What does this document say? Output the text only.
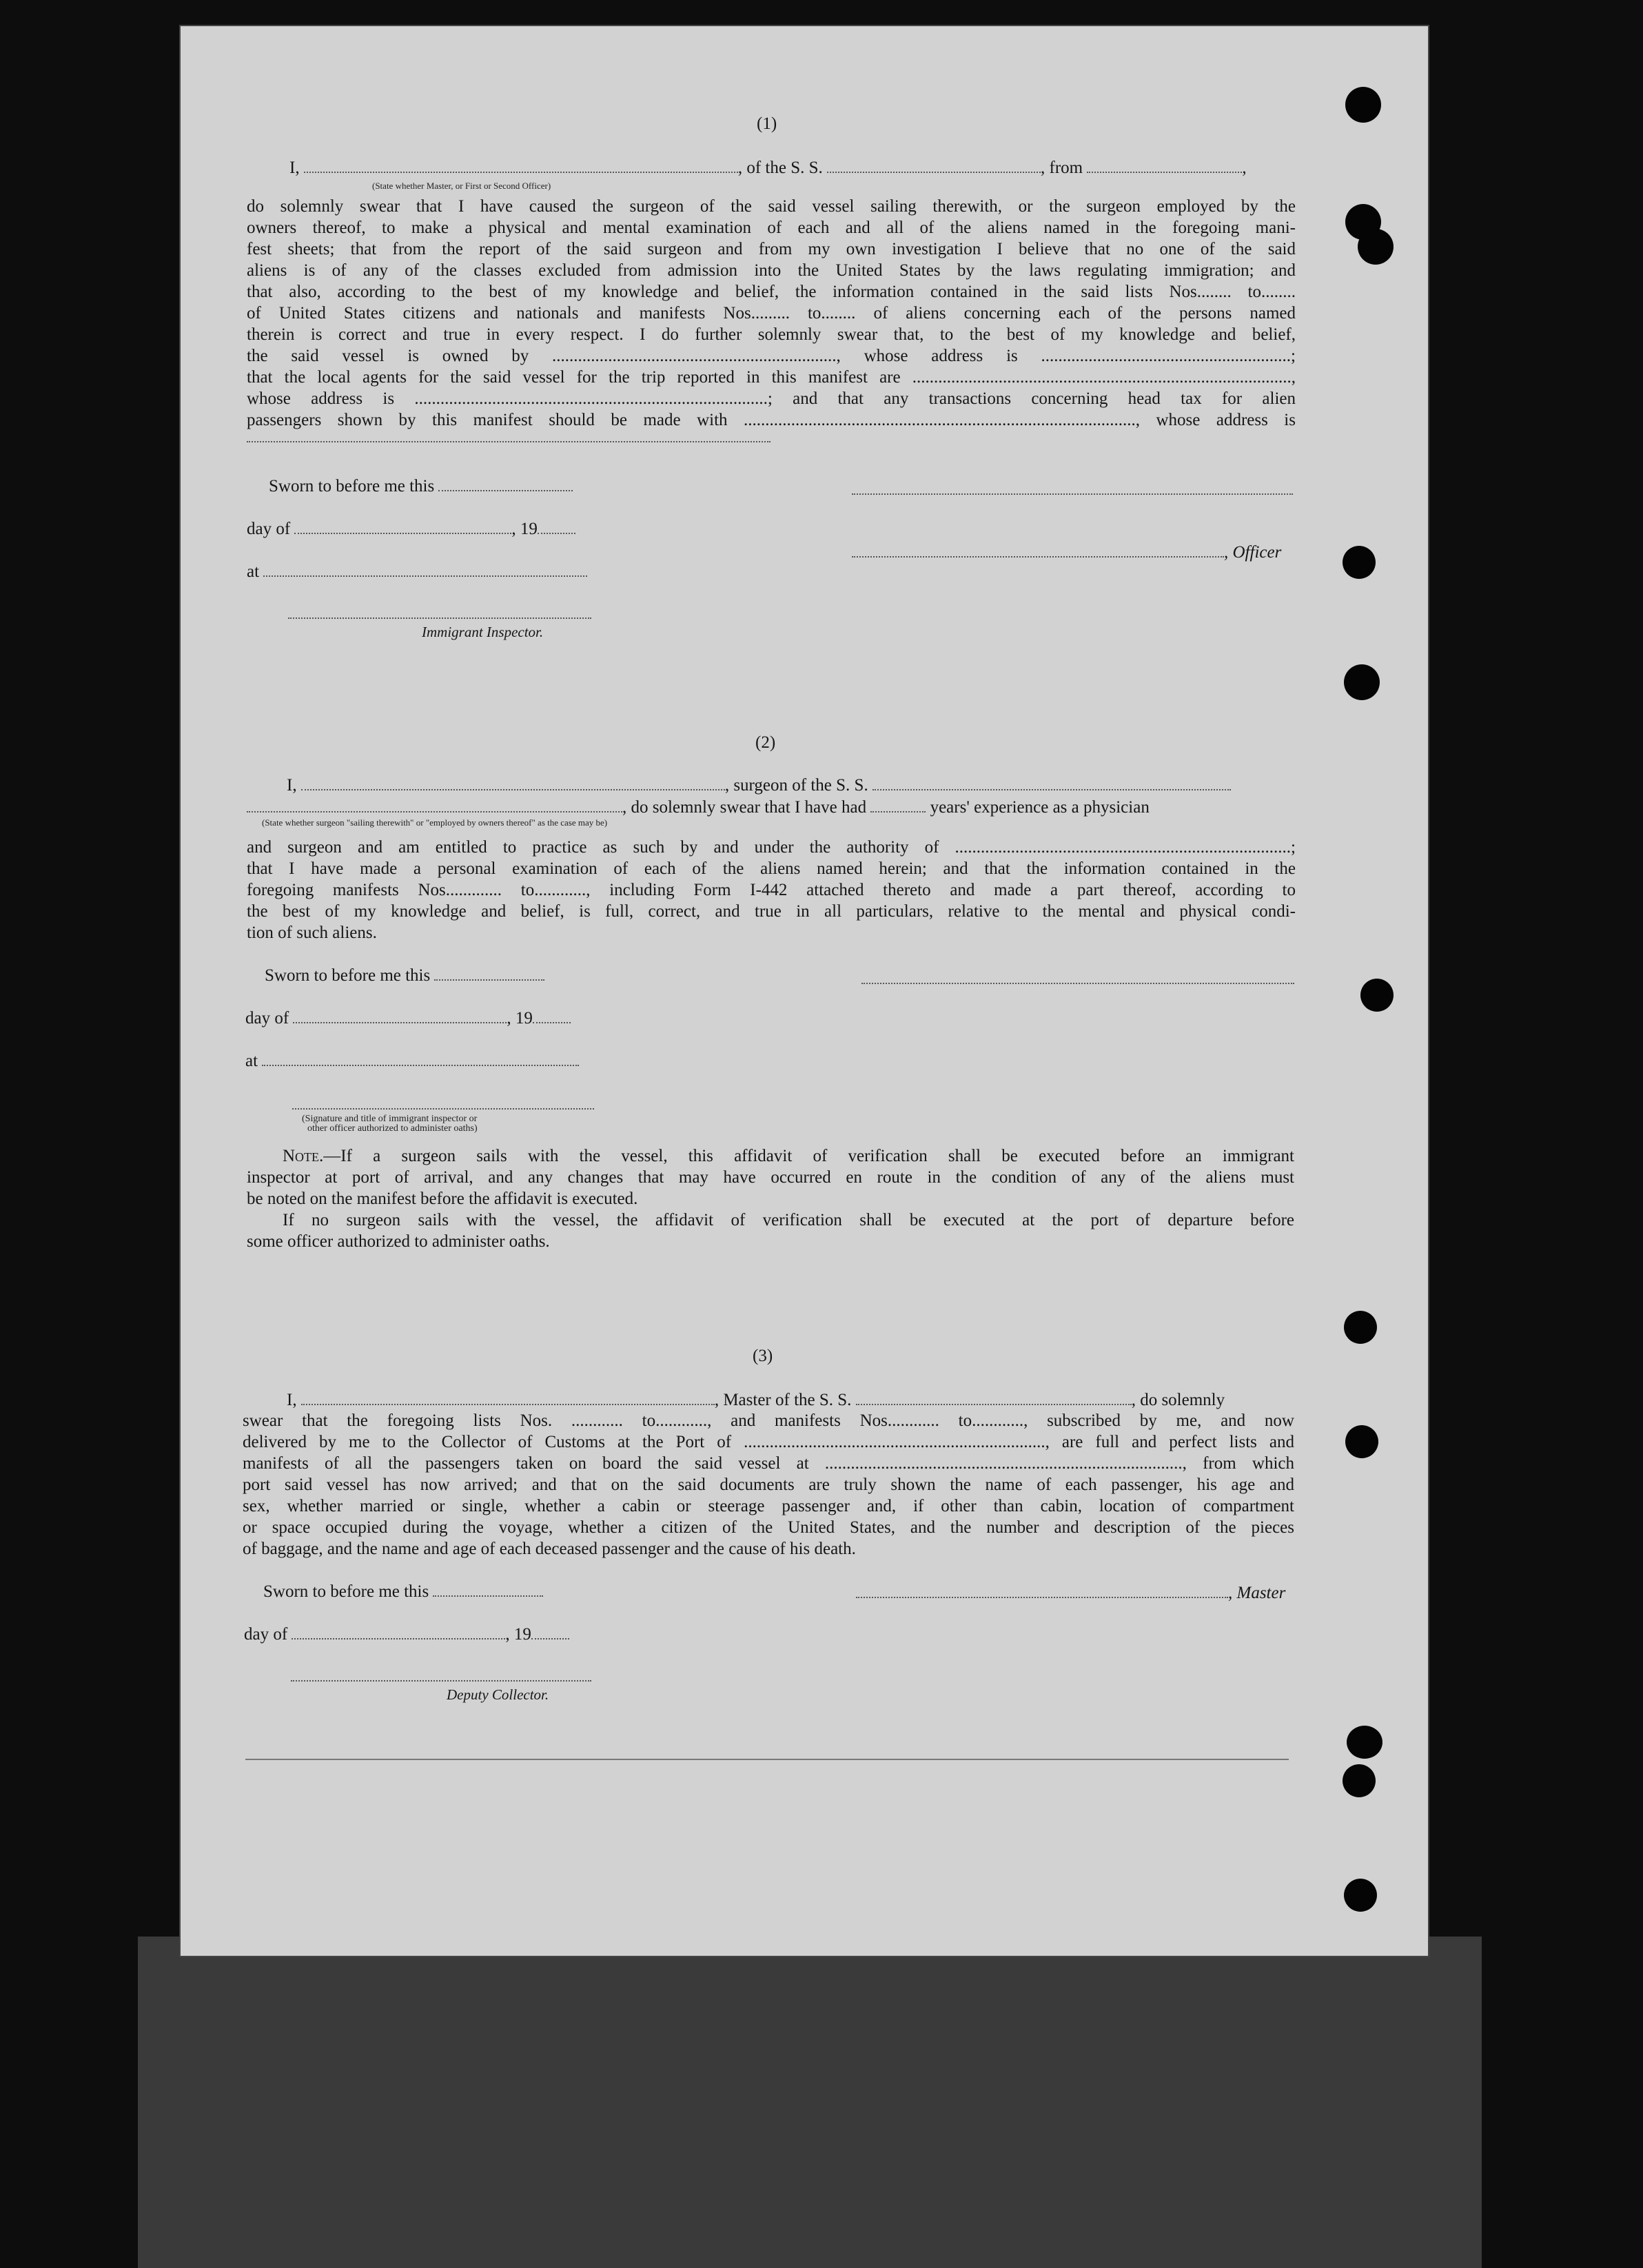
(1)
I,	, of the S. S.	, from	,
(State whether Master, or First or Second Officer)
do solemnly swear that I have caused the surgeon of the said vessel sailing therewith, or the surgeon employed by the
owners thereof, to make a physical and mental examination of each and all of the aliens named in the foregoing mani-
fest sheets; that from the report of the said surgeon and from my own investigation I believe that no one of the said
aliens is of any of the classes excluded from admission into the United States by the laws regulating immigration; and
that also, according to the best of my knowledge and belief, the information contained in the said lists Nos........ to........
of United States citizens and nationals and manifests Nos......... to........ of aliens concerning each of the persons named
therein is correct and true in every respect. I do further solemnly swear that, to the best of my knowledge and belief,
the said vessel is owned by .................................................................., whose address is ..........................................................;
that the local agents for the said vessel for the trip reported in this manifest are ........................................................................................,
whose address is ..................................................................................; and that any transactions concerning head tax for alien
passengers shown by this manifest should be made with ..........................................................................................., whose address is
Sworn to before me this
day of	, 19
, Officer
at
Immigrant Inspector.
(2)
I,	, surgeon of the S. S.
, do solemnly swear that I have had	years' experience as a physician
(State whether surgeon "sailing therewith" or "employed by owners thereof" as the case may be)
and surgeon and am entitled to practice as such by and under the authority of ..............................................................................;
that I have made a personal examination of each of the aliens named herein; and that the information contained in the
foregoing manifests Nos............. to............, including Form I-442 attached thereto and made a part thereof, according to
the best of my knowledge and belief, is full, correct, and true in all particulars, relative to the mental and physical condi-
tion of such aliens.
Sworn to before me this
day of	, 19
at
(Signature and title of immigrant inspector or
other officer authorized to administer oaths)
Note.—If a surgeon sails with the vessel, this affidavit of verification shall be executed before an immigrant
inspector at port of arrival, and any changes that may have occurred en route in the condition of any of the aliens must
be noted on the manifest before the affidavit is executed.
If no surgeon sails with the vessel, the affidavit of verification shall be executed at the port of departure before
some officer authorized to administer oaths.
(3)
I,	, Master of the S. S.	, do solemnly
swear that the foregoing lists Nos. ............ to............, and manifests Nos............ to............, subscribed by me, and now
delivered by me to the Collector of Customs at the Port of ......................................................................, are full and perfect lists and
manifests of all the passengers taken on board the said vessel at ..................................................................................., from which
port said vessel has now arrived; and that on the said documents are truly shown the name of each passenger, his age and
sex, whether married or single, whether a cabin or steerage passenger and, if other than cabin, location of compartment
or space occupied during the voyage, whether a citizen of the United States, and the number and description of the pieces
of baggage, and the name and age of each deceased passenger and the cause of his death.
Sworn to before me this	, Master
day of	, 19
Deputy Collector.
